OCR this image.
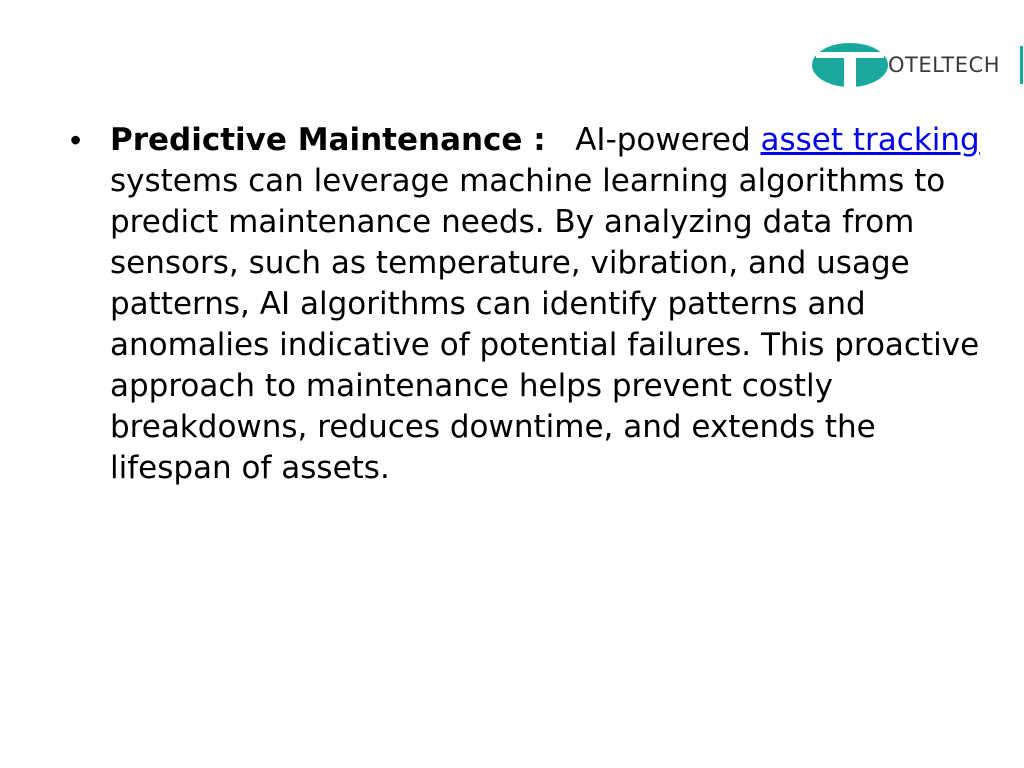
OTELTECH
• Predictive Maintenance : AI-powered asset tracking systems can leverage machine learning algorithms to predict maintenance needs. By analyzing data from sensors, such as temperature, vibration, and usage patterns, AI algorithms can identify patterns and anomalies indicative of potential failures. This proactive approach to maintenance helps prevent costly breakdowns, reduces downtime, and extends the lifespan of assets.
